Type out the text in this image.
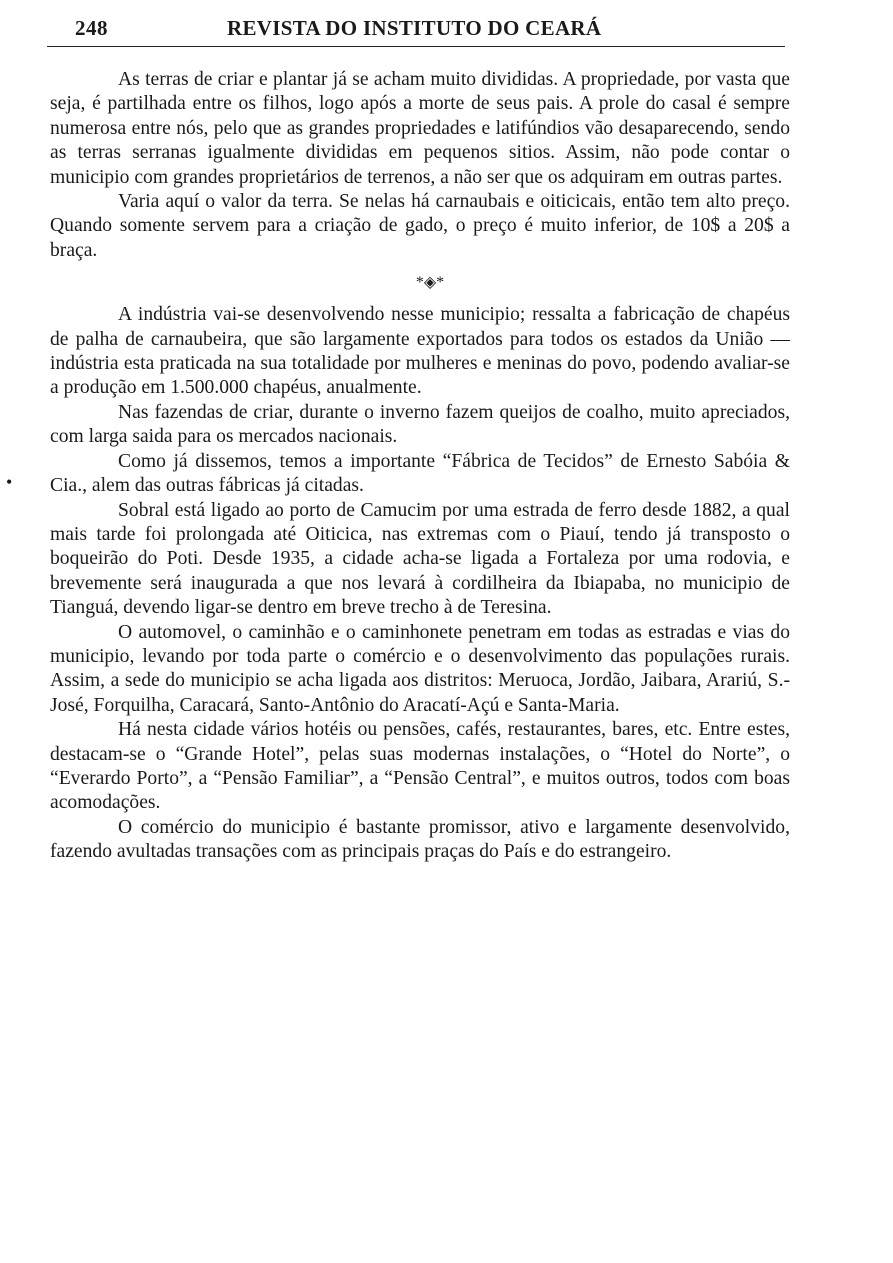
248	REVISTA DO INSTITUTO DO CEARÁ
•

As terras de criar e plantar já se acham muito divididas. A propriedade, por vasta que seja, é partilhada entre os filhos, logo após a morte de seus pais. A prole do casal é sempre numerosa entre nós, pelo que as grandes propriedades e latifúndios vão desaparecendo, sendo as terras serranas igualmente divididas em pequenos sitios. Assim, não pode contar o municipio com grandes proprietários de terrenos, a não ser que os adquiram em outras partes.

Varia aquí o valor da terra. Se nelas há carnaubais e oiticicais, então tem alto preço. Quando somente servem para a criação de gado, o preço é muito inferior, de 10$ a 20$ a braça.

*◈*

A indústria vai-se desenvolvendo nesse municipio; ressalta a fabricação de chapéus de palha de carnaubeira, que são largamente exportados para todos os estados da União — indústria esta praticada na sua totalidade por mulheres e meninas do povo, podendo avaliar-se a produção em 1.500.000 chapéus, anualmente.

Nas fazendas de criar, durante o inverno fazem queijos de coalho, muito apreciados, com larga saida para os mercados nacionais.

Como já dissemos, temos a importante “Fábrica de Tecidos” de Ernesto Sabóia & Cia., alem das outras fábricas já citadas.

Sobral está ligado ao porto de Camucim por uma estrada de ferro desde 1882, a qual mais tarde foi prolongada até Oiticica, nas extremas com o Piauí, tendo já transposto o boqueirão do Poti. Desde 1935, a cidade acha-se ligada a Fortaleza por uma rodovia, e brevemente será inaugurada a que nos levará à cordilheira da Ibiapaba, no municipio de Tianguá, devendo ligar-se dentro em breve trecho à de Teresina.

O automovel, o caminhão e o caminhonete penetram em todas as estradas e vias do municipio, levando por toda parte o comércio e o desenvolvimento das populações rurais. Assim, a sede do municipio se acha ligada aos distritos: Meruoca, Jordão, Jaibara, Arariú, S.-José, Forquilha, Caracará, Santo-Antônio do Aracatí-Açú e Santa-Maria.

Há nesta cidade vários hotéis ou pensões, cafés, restaurantes, bares, etc. Entre estes, destacam-se o “Grande Hotel”, pelas suas modernas instalações, o “Hotel do Norte”, o “Everardo Porto”, a “Pensão Familiar”, a “Pensão Central”, e muitos outros, todos com boas acomodações.

O comércio do municipio é bastante promissor, ativo e largamente desenvolvido, fazendo avultadas transações com as principais praças do País e do estrangeiro.
